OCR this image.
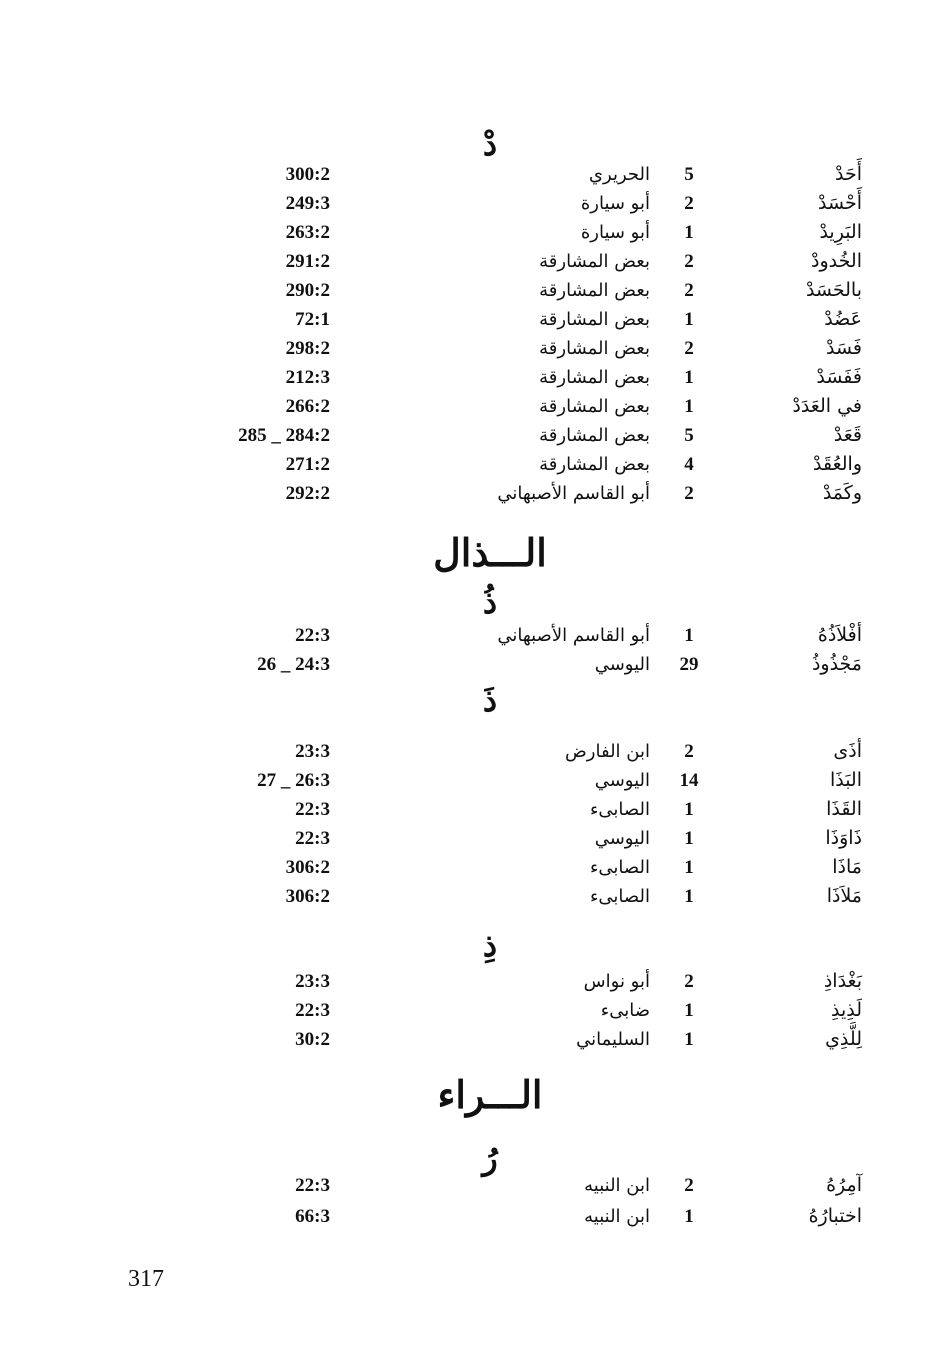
دْ
أَحَدْ
5
الحريري
300:2
أَحْسَدْ
2
أبو سيارة
249:3
البَرِيدْ
1
أبو سيارة
263:2
الخُدودْ
2
بعض المشارقة
291:2
بالحَسَدْ
2
بعض المشارقة
290:2
عَضُدْ
1
بعض المشارقة
72:1
فَسَدْ
2
بعض المشارقة
298:2
فَفَسَدْ
1
بعض المشارقة
212:3
في العَدَدْ
1
بعض المشارقة
266:2
قَعَدْ
5
بعض المشارقة
285 _ 284:2
والعُقَدْ
4
بعض المشارقة
271:2
وكَمَدْ
2
أبو القاسم الأصبهاني
292:2
الـــذال
ذُ
أفْلاَذُهُ
1
أبو القاسم الأصبهاني
22:3
مَجْذُوذُ
29
اليوسي
26 _ 24:3
ذَ
أذَى
2
ابن الفارض
23:3
البَذَا
14
اليوسي
27 _ 26:3
القَذَا
1
الصابىء
22:3
ذَاوَذَا
1
اليوسي
22:3
مَاذَا
1
الصابىء
306:2
مَلاَذَا
1
الصابىء
306:2
ذِ
بَغْدَاذِ
2
أبو نواس
23:3
لَذِيذِ
1
ضابىء
22:3
لِلَّذِي
1
السليماني
30:2
الـــراء
رُ
آمِرُهُ
2
ابن النبيه
22:3
اختبارُهُ
1
ابن النبيه
66:3
317
